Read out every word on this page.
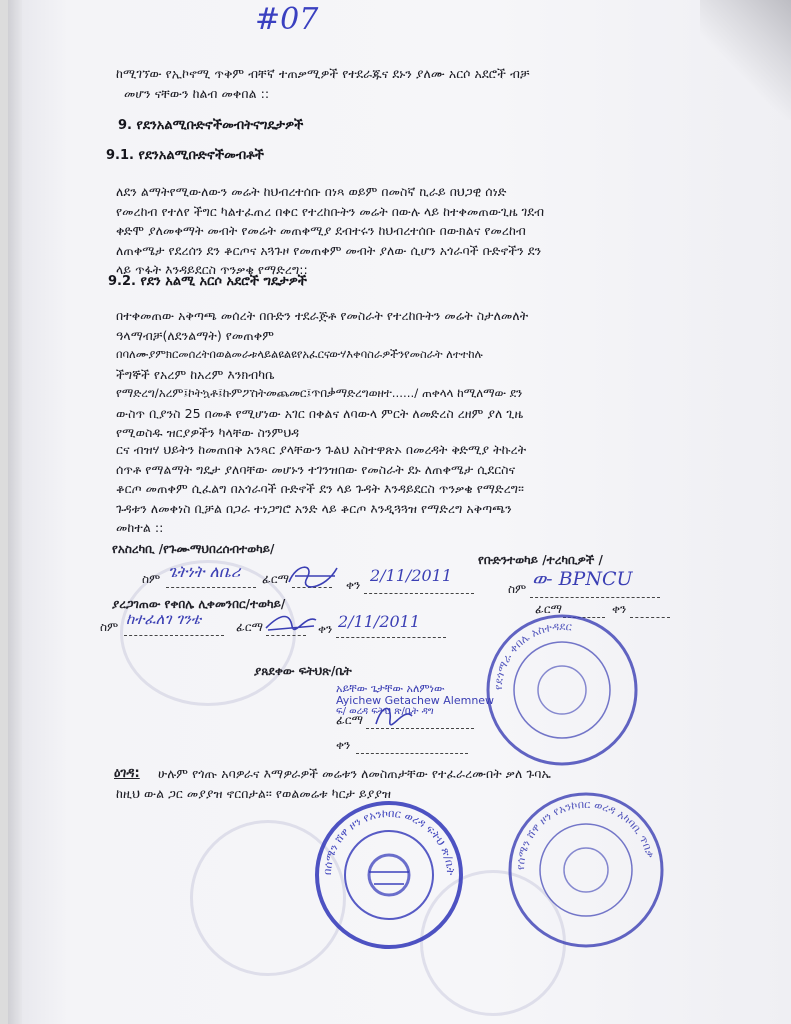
#07
ከሚገኘው የኢኮኖሚ ጥቅም ብቸኛ ተጠቃሚዎች የተደራጁና ደኑን ያለሙ አርሶ አደሮች ብቻ
መሆን ናቸውን ከልብ መቀበል ::
9. የደንአልሚቡድኖችመብትናግዴታዎች
9.1. የደንአልሚቡድኖችመብቶች
ለደን ልማትየሚውለውን መሬት ከህብረተሰቡ በነጻ ወይም በመስኛ ኪራይ በህጋዊ ሰነድ
የመረከብ የተለየ ችግር ካልተፈጠረ በቀር የተረከቡትን መሬት በውሉ ላይ ከተቀመጠውጊዜ ገደብ
ቀድሞ ያለመቀማት መብት የመሬት መጠቀሚያ ደብተሩን ከህብረተሰቡ በውክልና የመረከብ
ለጠቀሜታ የደረሰን ደን ቆርጦና አጓጉዞ የመጠቀም መብት ያለው ሲሆን አጎራባች ቡድኖችን ደን
ላይ ጥፋት እንዳይደርስ ጥንቃቄ የማድረግ::
9.2. የደን አልሚ አርሶ አደሮች ግዴታዎች
በተቀመጠው አቅጣጫ መሰረት በቡድን ተደራጅቶ የመስራት የተረከቡትን መሬት ስታለመለት
ዓላማብቻ(ለደንልማት) የመጠቀም
በባለሙያምክርመሰረትበወልመራቱላይልዩልዩየአፈርናውሃእቀባስራዎችንየመስራት ለተተከሉ
ችግኞች የአረም ከአረም እንክብካቤ
የማድረግ/አረም፤ኮትኳቶ፤ኩምፖስትመጨመር፤ጥበቃማድረግወዘተ....../ ጠቀላላ ከሚለማው ደን
ውስጥ ቢያንስ 25 በመቶ የሚሆነው አገር በቀልና ለባውላ ምርት ለመድረስ ረዘም ያለ ጊዜ
የሚወስዱ ዝርያዎችን ካላቸው ስንምህዳ
ርና ብዝሃ ህይትን ከመጠበቅ አንጻር ያላቸውን ጉልህ አስተዋጽኦ በመረዳት ቅድሚያ ትኩረት
ሰጥቶ የማልማት ግዴታ ያለባቸው መሆኑን ተገንዝበው የመስራት ደኑ ለጠቀሜታ ሲደርስና
ቆርጦ መጠቀም ሲፈልግ በአጎራባች ቡድኖች ደን ላይ ጉዳት እንዳይደርስ ጥንቃቄ የማድረግ፡፡
ጉዳቱን ለመቀነስ ቢቻል በጋራ ተነጋግሮ አንድ ላይ ቆርጦ እንዲጓጓዝ የማድረግ አቅጣጫን
መከተል ::
የአስረካቢ /የጉሙማህበረሰብተወካይ/
የቡድንተወካይ /ተረካቢዎች /
ስም ጌትነት ለቤሪ ፊርማ	ቀን 2/11/2011
ስም ወ- BPNCU
ፊርማ	ቀን
ያረጋገጠው የቀበሌ ሊቀመንበር/ተወካይ/
ስም ከተፈለገ ገንቴ	ፊርማ	ቀን 2/11/2011
ያጸደቀው ፍትህጽ/ቤት
አይቸው ጌታቸው አለምነው
Ayichew Getachew Alemnew
ፍ/ ወረዳ ፍትህ ጽ/ቤት ዳግ
ፊርማ
ቀን
ዕገዳ: ሁሉም የጎጡ አባዎራና እማዎራዎች መሬቱን ለመስጠታቸው የተፈራረሙበት ቃለ ጉባኤ
ከዚህ ውል ጋር መያያዝ ኖርበታል፡፡ የወልመሬቱ ካርታ ይያያዝ
የደጎማራ ቀበሌ አስተዳደር
በሰሜን ሸዋ ዞን የአንኮበር ወረዳ ፍትህ ጽ/ቤት
የሰሜን ሸዋ ዞን የአንኮበር ወረዳ አካባቢ ጥበቃ
